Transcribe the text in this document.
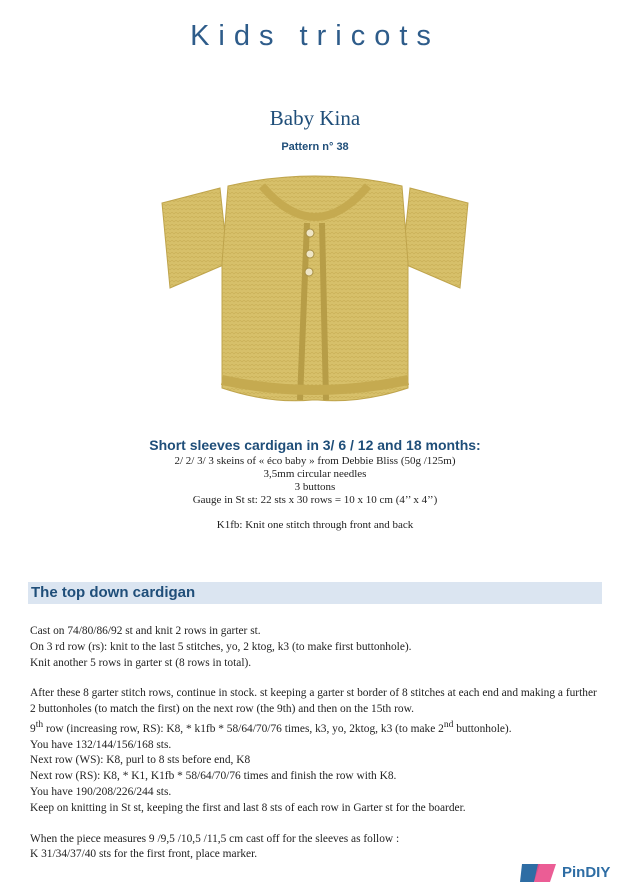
Kids tricots
Baby Kina
Pattern n° 38
Short sleeves cardigan in 3/ 6 / 12 and 18 months:
2/ 2/ 3/ 3 skeins of « éco baby » from Debbie Bliss (50g /125m)
3,5mm circular needles
3 buttons
Gauge in St st: 22 sts x 30 rows = 10 x 10 cm (4’’ x 4’’)
K1fb: Knit one stitch through front and back
The top down cardigan

Cast on 74/80/86/92 st and knit 2 rows in garter st.

On 3 rd row (rs): knit to the last 5 stitches, yo, 2 ktog, k3 (to make first buttonhole).

Knit another 5 rows in garter st (8 rows in total).

After these 8 garter stitch rows, continue in stock. st keeping a garter st border of 8 stitches at each end and making a further 2 buttonholes (to match the first) on the next row (the 9th) and then on the 15th row.

9th row (increasing row, RS): K8, * k1fb * 58/64/70/76 times, k3, yo, 2ktog, k3 (to make 2nd buttonhole).

You have 132/144/156/168 sts.

Next row (WS): K8, purl to 8 sts before end, K8

Next row (RS): K8, * K1, K1fb * 58/64/70/76 times and finish the row with K8.

You have 190/208/226/244 sts.

Keep on knitting in St st, keeping the first and last 8 sts of each row in Garter st for the boarder.

When the piece measures 9 /9,5 /10,5 /11,5 cm cast off for the sleeves as follow :

K 31/34/37/40 sts for the first front, place marker.

PinDIY
